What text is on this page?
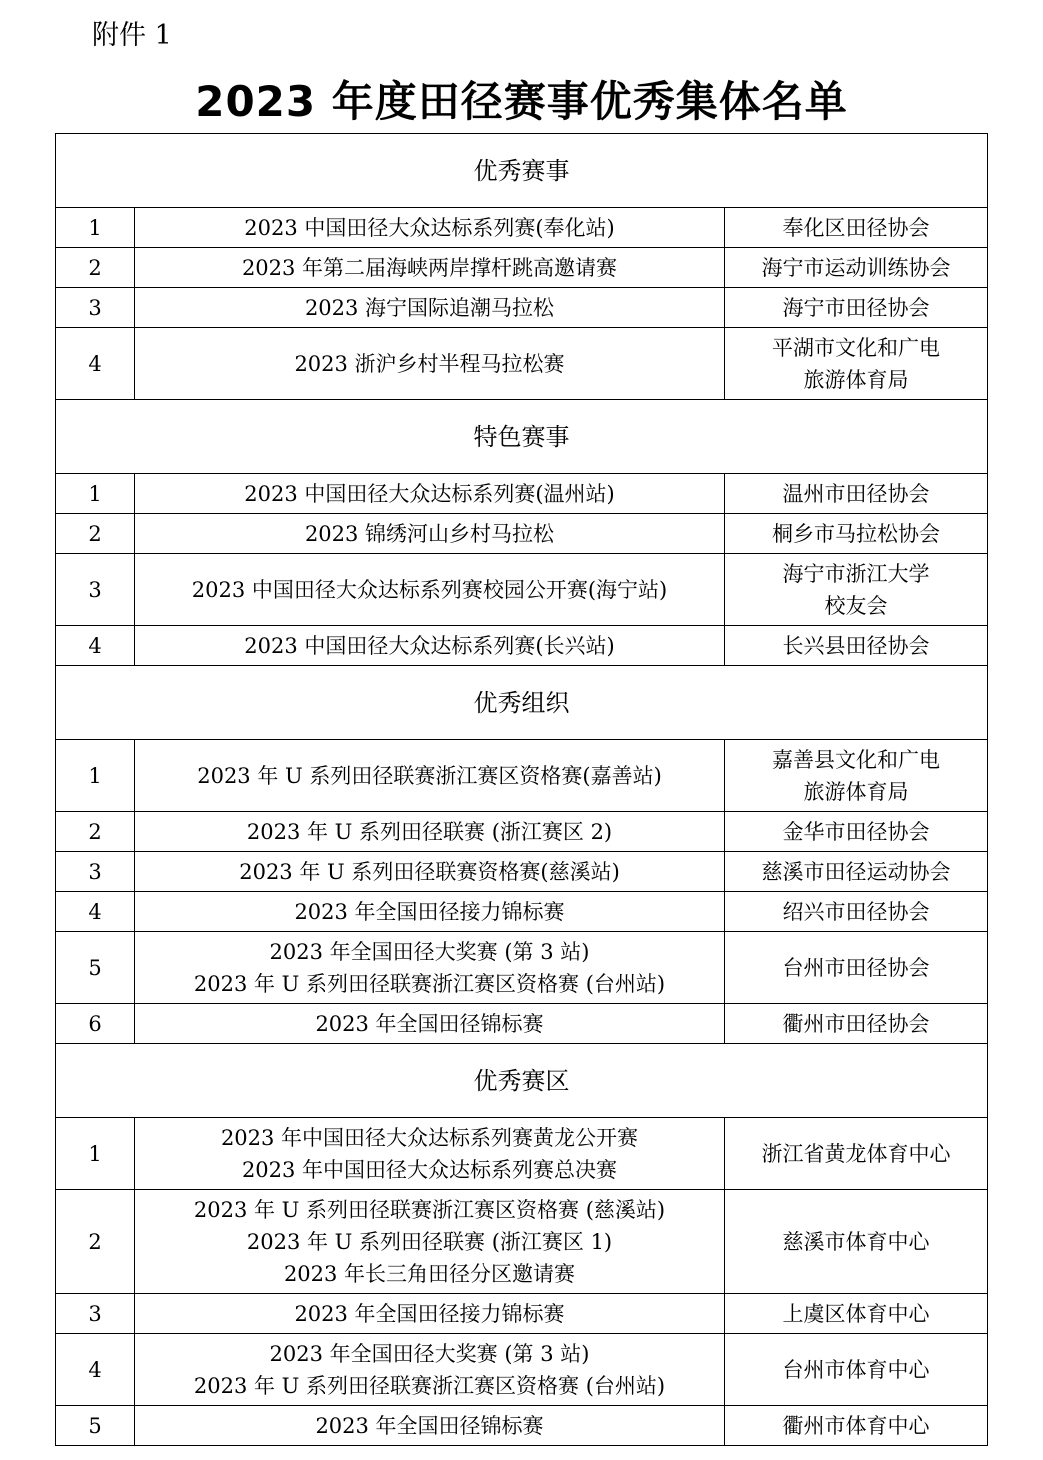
附件 1
2023 年度田径赛事优秀集体名单
优秀赛事		
1	2023 中国田径大众达标系列赛(奉化站)	奉化区田径协会

2	2023 年第二届海峡两岸撑杆跳高邀请赛	海宁市运动训练协会

3	2023 海宁国际追潮马拉松	海宁市田径协会

4	2023 浙沪乡村半程马拉松赛	平湖市文化和广电
旅游体育局

特色赛事		
1	2023 中国田径大众达标系列赛(温州站)	温州市田径协会

2	2023 锦绣河山乡村马拉松	桐乡市马拉松协会

3	2023 中国田径大众达标系列赛校园公开赛(海宁站)	海宁市浙江大学
校友会

4	2023 中国田径大众达标系列赛(长兴站)	长兴县田径协会

优秀组织		
1	2023 年 U 系列田径联赛浙江赛区资格赛(嘉善站)	嘉善县文化和广电
旅游体育局

2	2023 年 U 系列田径联赛 (浙江赛区 2)	金华市田径协会

3	2023 年 U 系列田径联赛资格赛(慈溪站)	慈溪市田径运动协会

4	2023 年全国田径接力锦标赛	绍兴市田径协会

5	2023 年全国田径大奖赛 (第 3 站)
2023 年 U 系列田径联赛浙江赛区资格赛 (台州站)	台州市田径协会

6	2023 年全国田径锦标赛	衢州市田径协会

优秀赛区		
1	2023 年中国田径大众达标系列赛黄龙公开赛
2023 年中国田径大众达标系列赛总决赛	浙江省黄龙体育中心

2	2023 年 U 系列田径联赛浙江赛区资格赛 (慈溪站)
2023 年 U 系列田径联赛 (浙江赛区 1)
2023 年长三角田径分区邀请赛	慈溪市体育中心

3	2023 年全国田径接力锦标赛	上虞区体育中心

4	2023 年全国田径大奖赛 (第 3 站)
2023 年 U 系列田径联赛浙江赛区资格赛 (台州站)	台州市体育中心

5	2023 年全国田径锦标赛	衢州市体育中心
